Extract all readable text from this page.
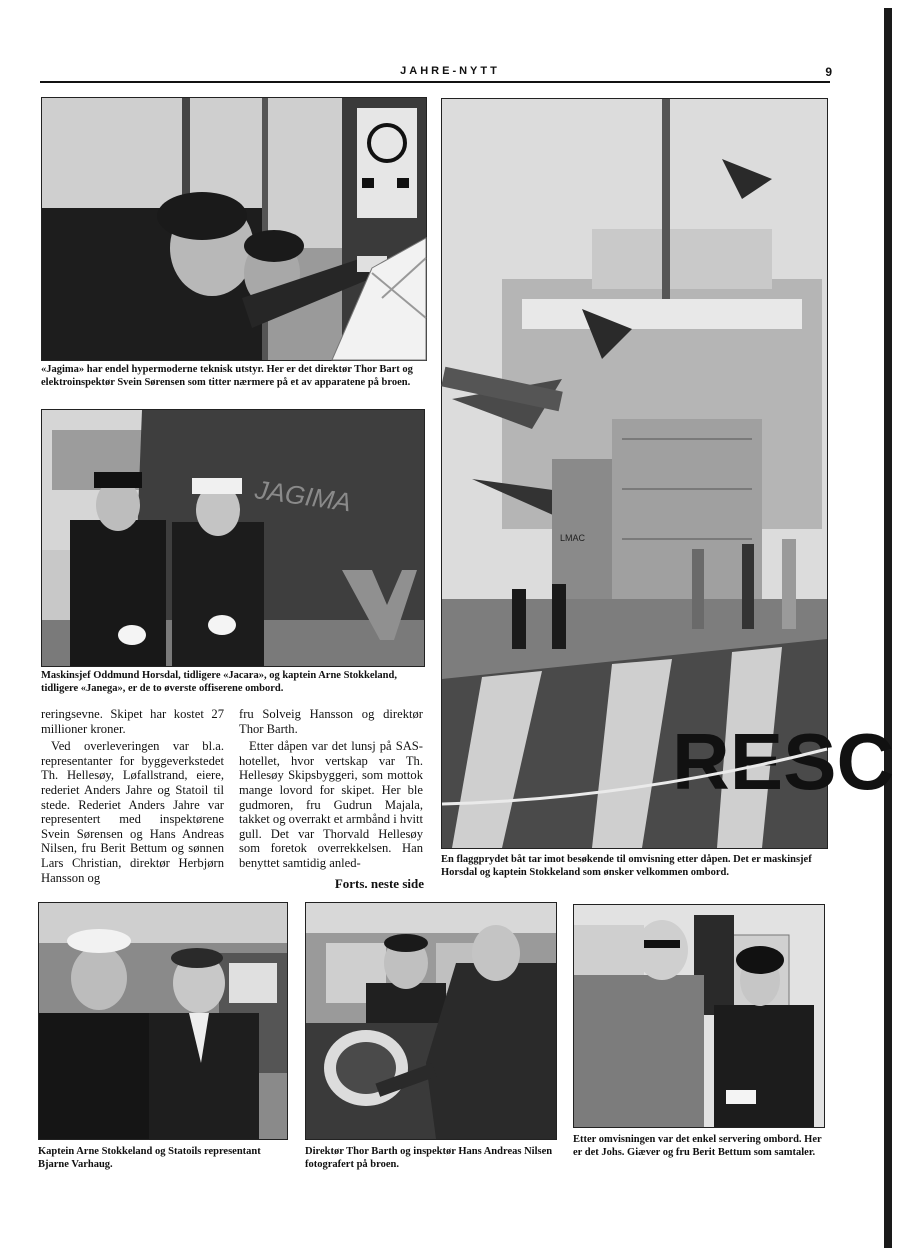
JAHRE-NYTT	9
«Jagima» har endel hypermoderne teknisk utstyr. Her er det direktør Thor Bart og elektroinspektør Svein Sørensen som titter nærmere på et av apparatene på broen.
JAGIMA
Maskinsjef Oddmund Horsdal, tidligere «Jacara», og kaptein Arne Stokkeland, tidligere «Janega», er de to øverste offiserene ombord.
LMAC
RESC
En flaggprydet båt tar imot besøkende til omvisning etter dåpen. Det er maskinsjef Horsdal og kaptein Stokkeland som ønsker velkommen ombord.

reringsevne. Skipet har kostet 27 millioner kroner.

Ved overleveringen var bl.a. representanter for byggeverkstedet Th. Hellesøy, Løfallstrand, eiere, rederiet Anders Jahre og Statoil til stede. Rederiet Anders Jahre var representert med inspektørene Svein Sørensen og Hans Andreas Nilsen, fru Berit Bettum og sønnen Lars Christian, direktør Herbjørn Hansson og

fru Solveig Hansson og direktør Thor Barth.

Etter dåpen var det lunsj på SAS-hotellet, hvor vertskap var Th. Hellesøy Skipsbyggeri, som mottok mange lovord for skipet. Her ble gudmoren, fru Gudrun Majala, takket og overrakt et armbånd i hvitt gull. Det var Thorvald Hellesøy som foretok overrekkelsen. Han benyttet samtidig anled-

Forts. neste side
Kaptein Arne Stokkeland og Statoils representant Bjarne Varhaug.
Direktør Thor Barth og inspektør Hans Andreas Nilsen fotografert på broen.
Etter omvisningen var det enkel servering ombord. Her er det Johs. Giæver og fru Berit Bettum som samtaler.
